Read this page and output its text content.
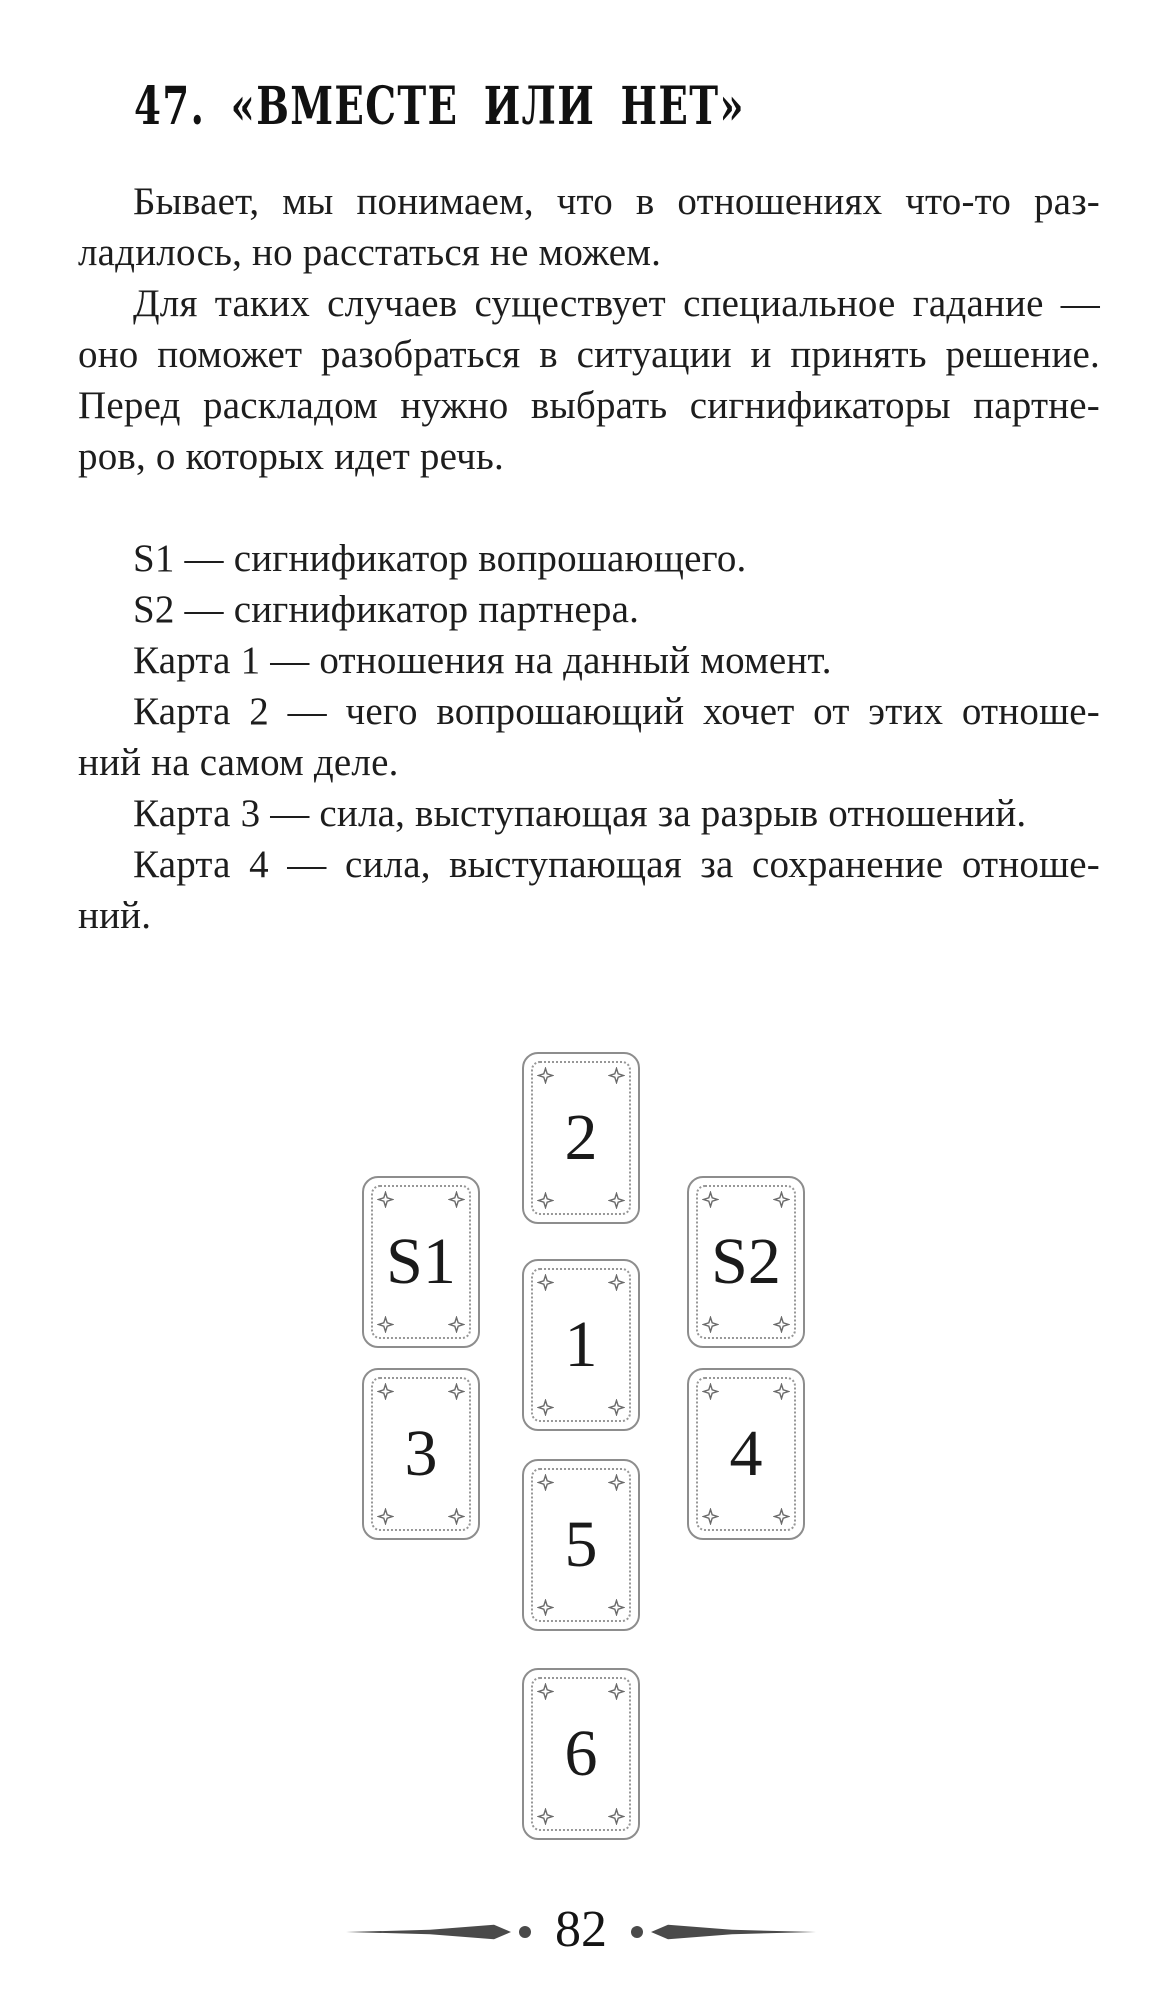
47. «ВМЕСТЕ ИЛИ НЕТ»
Бывает, мы понимаем, что в отношениях что-то раз-
ладилось, но расстаться не можем.
Для таких случаев существует специальное гадание —
оно поможет разобраться в ситуации и принять решение.
Перед раскладом нужно выбрать сигнификаторы партне-
ров, о которых идет речь.
S1 — сигнификатор вопрошающего.
S2 — сигнификатор партнера.
Карта 1 — отношения на данный момент.
Карта 2 — чего вопрошающий хочет от этих отноше-
ний на самом деле.
Карта 3 — сила, выступающая за разрыв отношений.
Карта 4 — сила, выступающая за сохранение отноше-
ний.
2
S1	S2
1
3	4
5
6
82
